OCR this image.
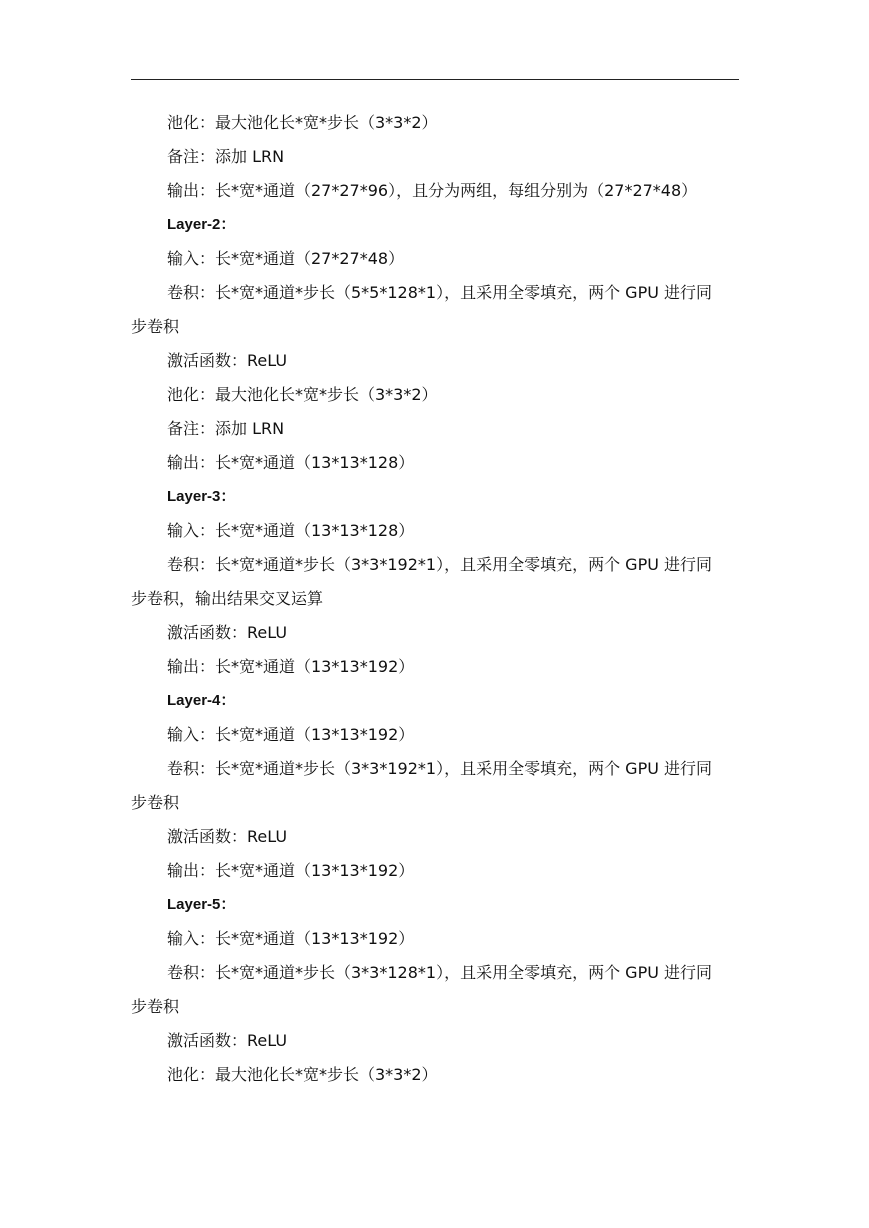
池化：最大池化长*宽*步长（3*3*2）
备注：添加 LRN
输出：长*宽*通道（27*27*96），且分为两组，每组分别为（27*27*48）
Layer-2：
输入：长*宽*通道（27*27*48）
卷积：长*宽*通道*步长（5*5*128*1），且采用全零填充，两个 GPU 进行同
步卷积
激活函数：ReLU
池化：最大池化长*宽*步长（3*3*2）
备注：添加 LRN
输出：长*宽*通道（13*13*128）
Layer-3：
输入：长*宽*通道（13*13*128）
卷积：长*宽*通道*步长（3*3*192*1），且采用全零填充，两个 GPU 进行同
步卷积，输出结果交叉运算
激活函数：ReLU
输出：长*宽*通道（13*13*192）
Layer-4：
输入：长*宽*通道（13*13*192）
卷积：长*宽*通道*步长（3*3*192*1），且采用全零填充，两个 GPU 进行同
步卷积
激活函数：ReLU
输出：长*宽*通道（13*13*192）
Layer-5：
输入：长*宽*通道（13*13*192）
卷积：长*宽*通道*步长（3*3*128*1），且采用全零填充，两个 GPU 进行同
步卷积
激活函数：ReLU
池化：最大池化长*宽*步长（3*3*2）
